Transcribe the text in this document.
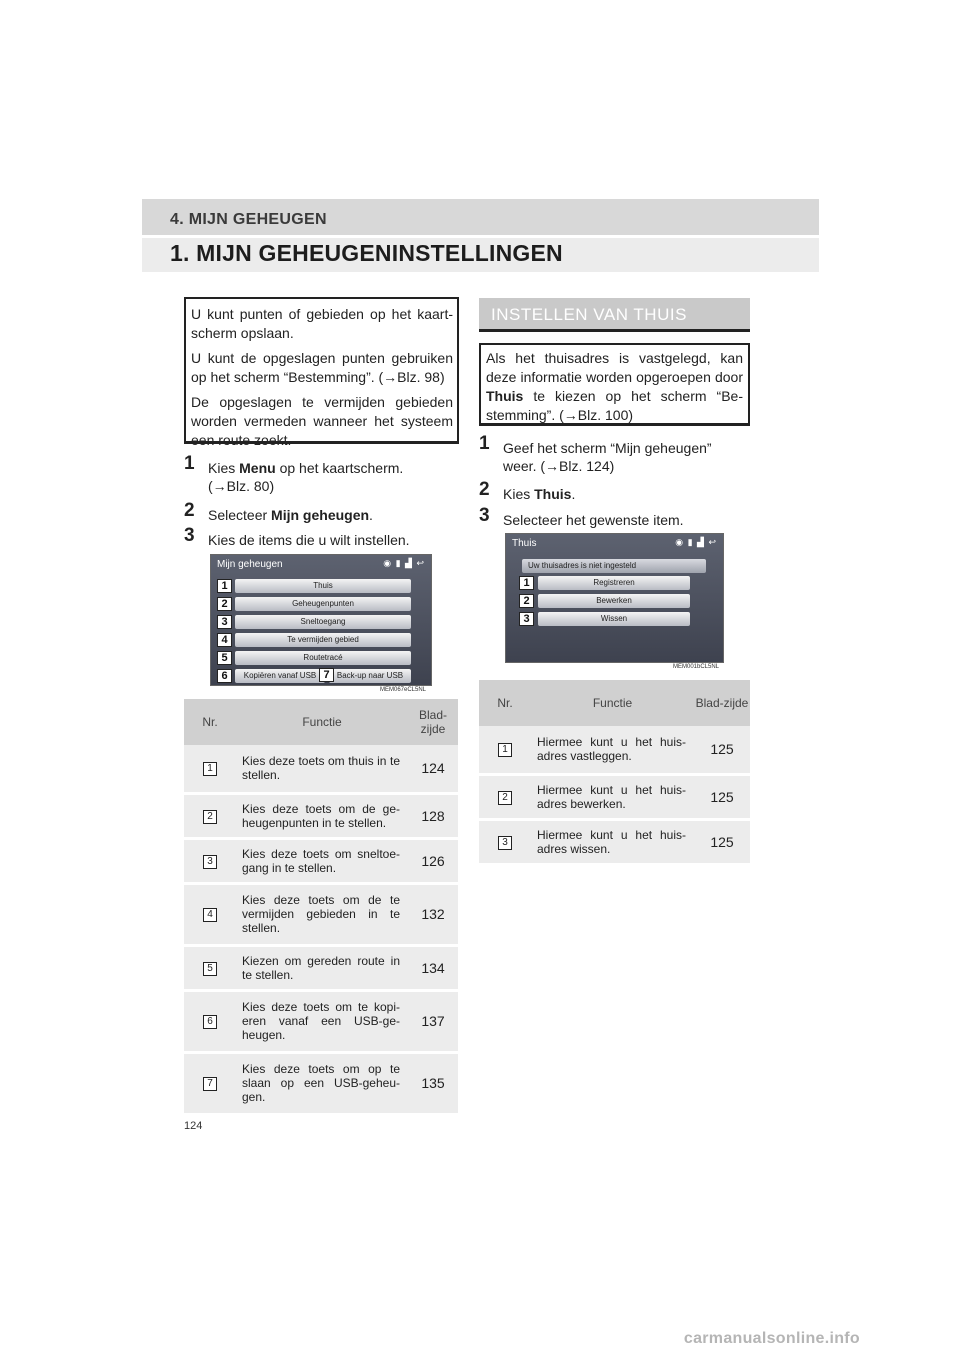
4. MIJN GEHEUGEN
1. MIJN GEHEUGENINSTELLINGEN

U kunt punten of gebieden op het kaart-scherm opslaan.

U kunt de opgeslagen punten gebruiken op het scherm “Bestemming”. (→Blz. 98)

De opgeslagen te vermijden gebieden worden vermeden wanneer het systeem een route zoekt.

1 Kies Menu op het kaartscherm.
(→Blz. 80)
2 Selecteer Mijn geheugen.
3 Kies de items die u wilt instellen.
Mijn geheugen	◉ ▮ ▟ ↩
Thuis
Geheugenpunten
Sneltoegang
Te vermijden gebied
Routetracé
Kopiëren vanaf USB	Back-up naar USB
1
2
3
4
5
6	7
MEM067eCL5NL
Nr.	Functie	Blad-zijde
1	Kies deze toets om thuis in te stellen.	124
2	Kies deze toets om de ge-heugenpunten in te stellen.	128
3	Kies deze toets om sneltoe-gang in te stellen.	126
4	Kies deze toets om de te vermijden gebieden in te stellen.	132
5	Kiezen om gereden route in te stellen.	134
6	Kies deze toets om te kopi-eren vanaf een USB-ge-heugen.	137
7	Kies deze toets om op te slaan op een USB-geheu-gen.	135
INSTELLEN VAN THUIS
Als het thuisadres is vastgelegd, kan deze informatie worden opgeroepen door Thuis te kiezen op het scherm “Be-stemming”. (→Blz. 100)
1 Geef het scherm “Mijn geheugen”
weer. (→Blz. 124)
2 Kies Thuis.
3 Selecteer het gewenste item.
Thuis	◉ ▮ ▟ ↩
Uw thuisadres is niet ingesteld
Registreren
Bewerken
Wissen
1
2
3
MEM001bCL5NL
Nr.	Functie	Blad-zijde
1	Hiermee kunt u het huis-adres vastleggen.	125
2	Hiermee kunt u het huis-adres bewerken.	125
3	Hiermee kunt u het huis-adres wissen.	125
124
carmanualsonline.info
